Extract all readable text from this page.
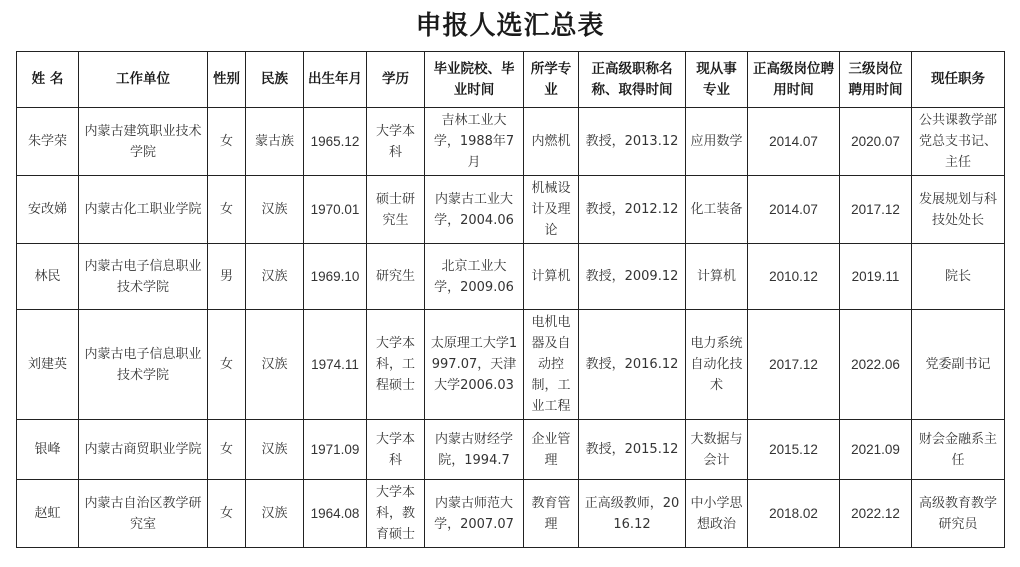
申报人选汇总表
姓 名	工作单位	性别	民族	出生年月	学历	毕业院校、毕业时间	所学专业	正高级职称名称、取得时间	现从事专业	正高级岗位聘用时间	三级岗位聘用时间	现任职务
朱学荣	内蒙古建筑职业技术学院	女	蒙古族	1965.12	大学本科	吉林工业大学，1988年7月	内燃机	教授，2013.12	应用数学	2014.07	2020.07	公共课教学部党总支书记、主任
安改娣	内蒙古化工职业学院	女	汉族	1970.01	硕士研究生	内蒙古工业大学，2004.06	机械设计及理论	教授，2012.12	化工装备	2014.07	2017.12	发展规划与科技处处长
林民	内蒙古电子信息职业技术学院	男	汉族	1969.10	研究生	北京工业大学，2009.06	计算机	教授，2009.12	计算机	2010.12	2019.11	院长
刘建英	内蒙古电子信息职业技术学院	女	汉族	1974.11	大学本科，工程硕士	太原理工大学1997.07，天津大学2006.03	电机电器及自动控制，工业工程	教授，2016.12	电力系统自动化技术	2017.12	2022.06	党委副书记
银峰	内蒙古商贸职业学院	女	汉族	1971.09	大学本科	内蒙古财经学院，1994.7	企业管理	教授，2015.12	大数据与会计	2015.12	2021.09	财会金融系主任
赵虹	内蒙古自治区教学研究室	女	汉族	1964.08	大学本科，教育硕士	内蒙古师范大学，2007.07	教育管理	正高级教师，2016.12	中小学思想政治	2018.02	2022.12	高级教育教学研究员
